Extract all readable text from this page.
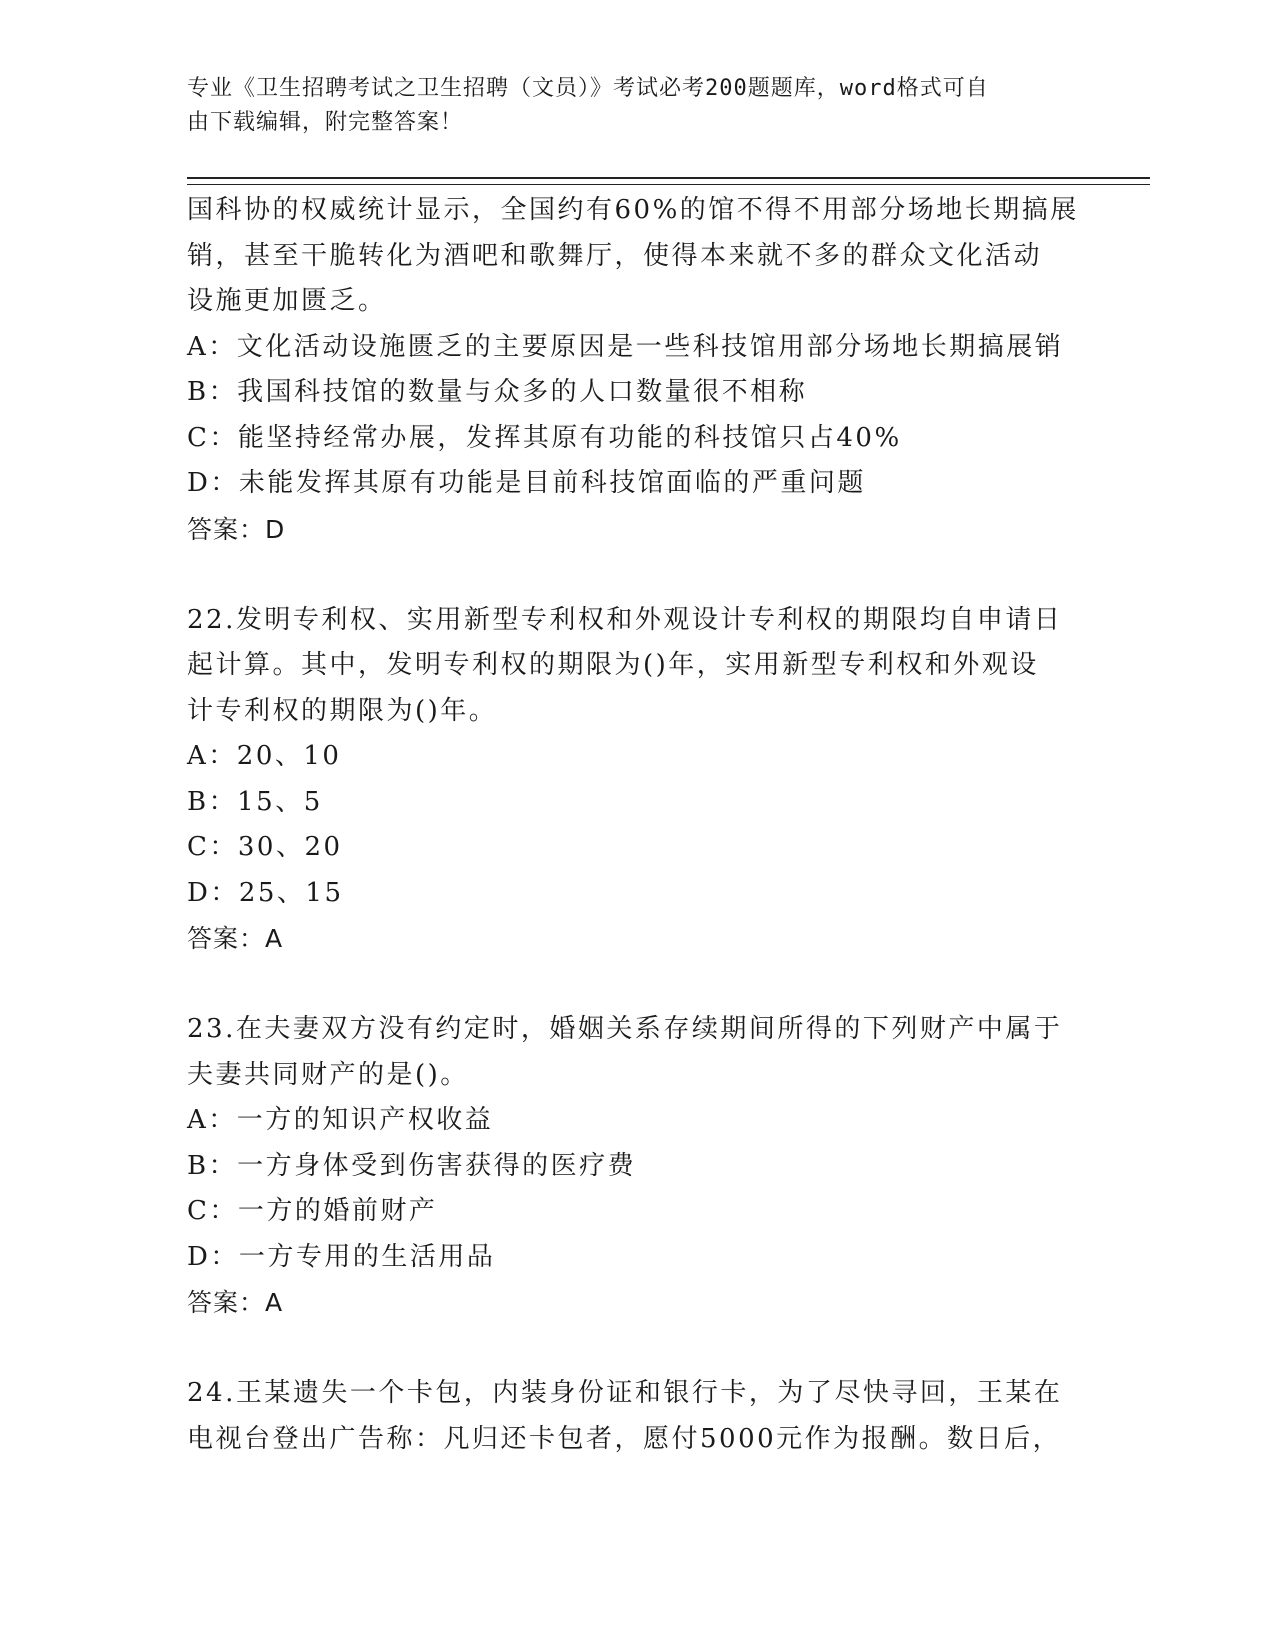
专业《卫生招聘考试之卫生招聘（文员）》考试必考200题题库，word格式可自
由下载编辑，附完整答案！

国科协的权威统计显示，全国约有60%的馆不得不用部分场地长期搞展

销，甚至干脆转化为酒吧和歌舞厅，使得本来就不多的群众文化活动

设施更加匮乏。

A：文化活动设施匮乏的主要原因是一些科技馆用部分场地长期搞展销

B：我国科技馆的数量与众多的人口数量很不相称

C：能坚持经常办展，发挥其原有功能的科技馆只占40%

D：未能发挥其原有功能是目前科技馆面临的严重问题

答案：D

22.发明专利权、实用新型专利权和外观设计专利权的期限均自申请日

起计算。其中，发明专利权的期限为()年，实用新型专利权和外观设

计专利权的期限为()年。

A：20、10

B：15、5

C：30、20

D：25、15

答案：A

23.在夫妻双方没有约定时，婚姻关系存续期间所得的下列财产中属于

夫妻共同财产的是()。

A：一方的知识产权收益

B：一方身体受到伤害获得的医疗费

C：一方的婚前财产

D：一方专用的生活用品

答案：A

24.王某遗失一个卡包，内装身份证和银行卡，为了尽快寻回，王某在

电视台登出广告称：凡归还卡包者，愿付5000元作为报酬。数日后，
